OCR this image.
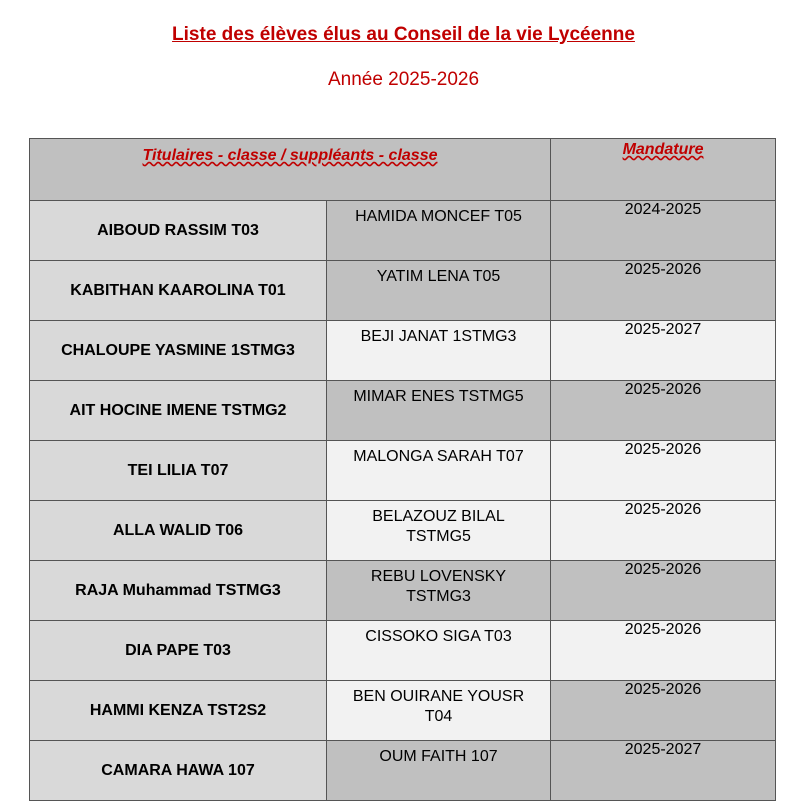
Liste des élèves élus au Conseil de la vie Lycéenne
Année 2025-2026
Titulaires - classe / suppléants - classe		Mandature
AIBOUD RASSIM T03	HAMIDA MONCEF T05	2024-2025
KABITHAN KAAROLINA T01	YATIM LENA T05	2025-2026
CHALOUPE YASMINE 1STMG3	BEJI JANAT 1STMG3	2025-2027
AIT HOCINE IMENE TSTMG2	MIMAR ENES TSTMG5	2025-2026
TEI LILIA T07	MALONGA SARAH T07	2025-2026
ALLA WALID T06	BELAZOUZ BILAL TSTMG5	2025-2026
RAJA Muhammad TSTMG3	REBU LOVENSKY TSTMG3	2025-2026
DIA PAPE T03	CISSOKO SIGA T03	2025-2026
HAMMI KENZA TST2S2	BEN OUIRANE YOUSR T04	2025-2026
CAMARA HAWA 107	OUM FAITH 107	2025-2027
